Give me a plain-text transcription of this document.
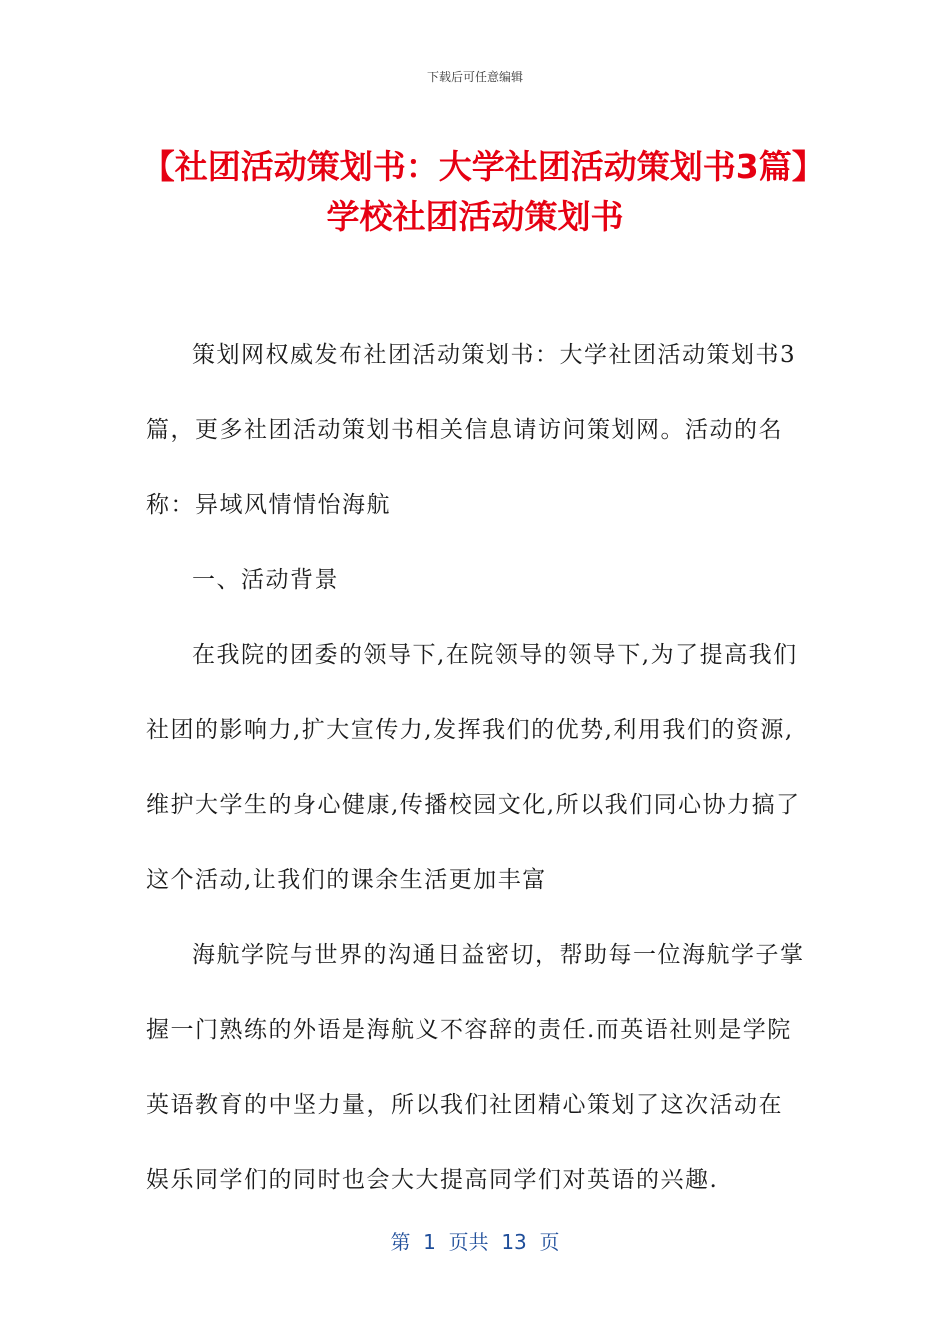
下载后可任意编辑
【社团活动策划书：大学社团活动策划书3篇】学校社团活动策划书

策划网权威发布社团活动策划书：大学社团活动策划书3篇，更多社团活动策划书相关信息请访问策划网。活动的名称：异域风情情怡海航

一、活动背景

在我院的团委的领导下,在院领导的领导下,为了提高我们社团的影响力,扩大宣传力,发挥我们的优势,利用我们的资源,维护大学生的身心健康,传播校园文化,所以我们同心协力搞了这个活动,让我们的课余生活更加丰富

海航学院与世界的沟通日益密切，帮助每一位海航学子掌握一门熟练的外语是海航义不容辞的责任.而英语社则是学院英语教育的中坚力量，所以我们社团精心策划了这次活动在娱乐同学们的同时也会大大提高同学们对英语的兴趣.

第  1  页共  13  页
